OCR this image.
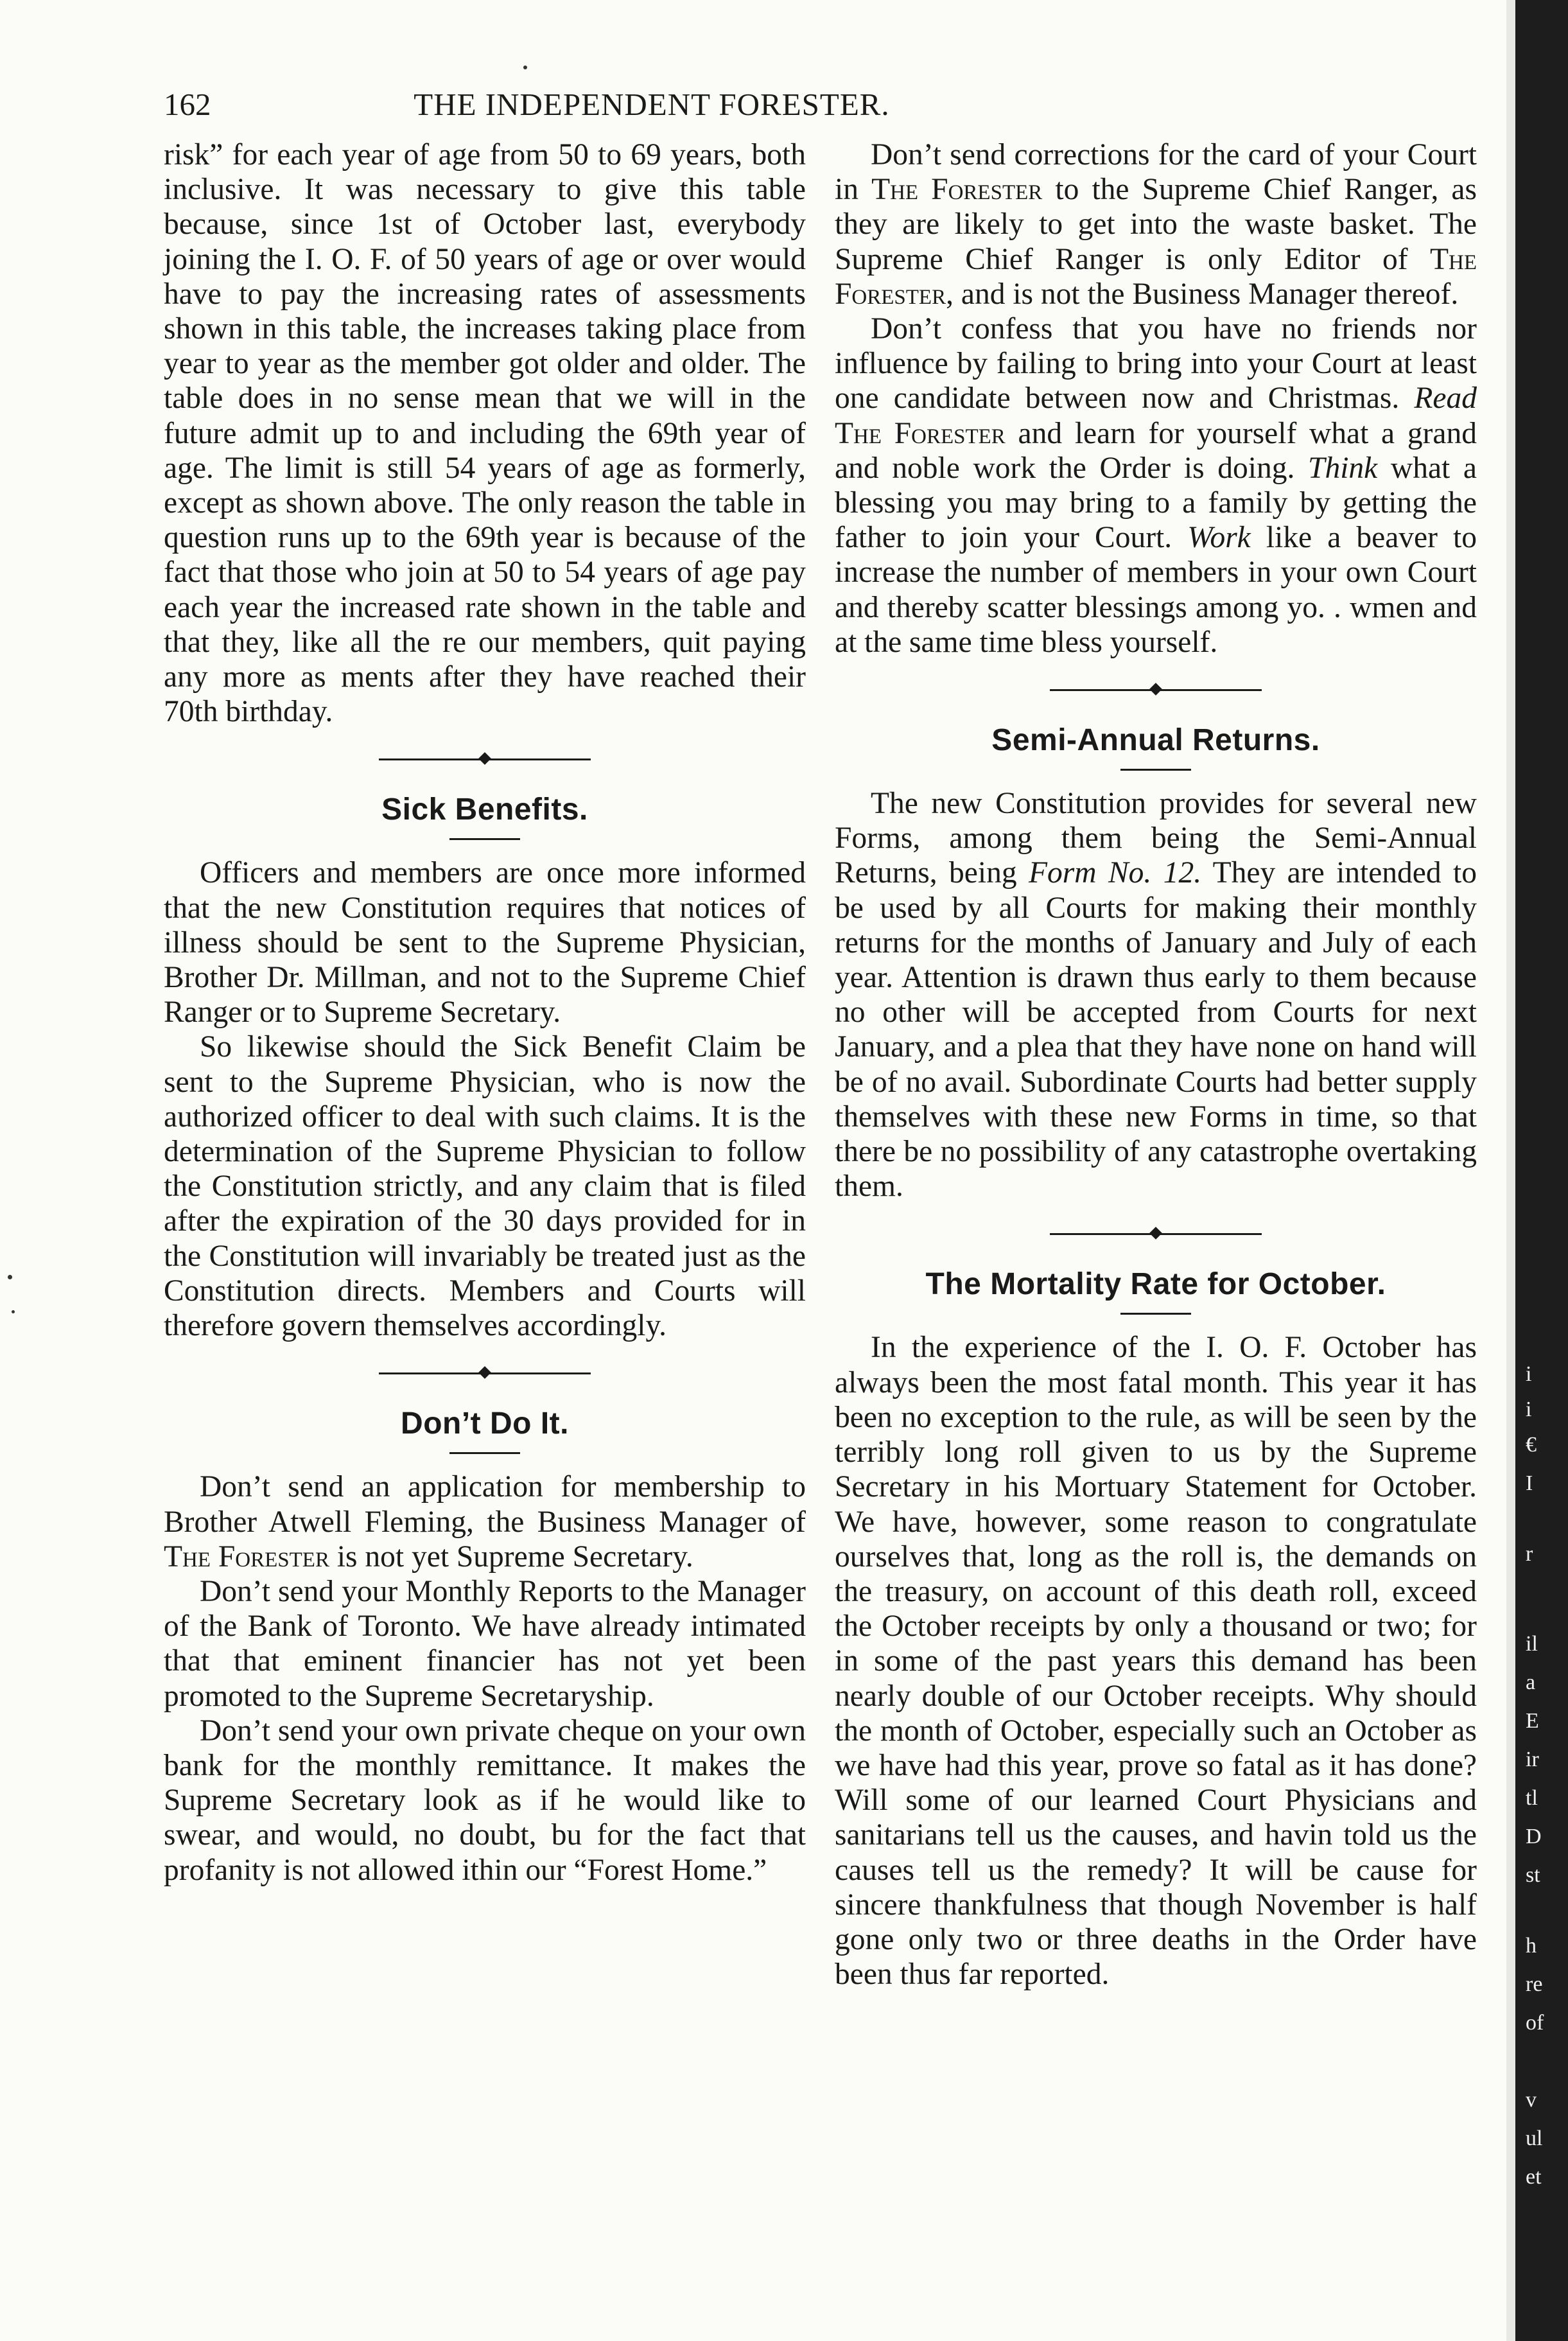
162	THE INDEPENDENT FORESTER.

risk” for each year of age from 50 to 69 years, both inclusive. It was necessary to give this table because, since 1st of October last, everybody joining the I. O. F. of 50 years of age or over would have to pay the increasing rates of assessments shown in this table, the increases taking place from year to year as the member got older and older. The table does in no sense mean that we will in the future admit up to and including the 69th year of age. The limit is still 54 years of age as formerly, except as shown above. The only reason the table in question runs up to the 69th year is because of the fact that those who join at 50 to 54 years of age pay each year the increased rate shown in the table and that they, like all the re our members, quit paying any more as ments after they have reached their 70th birthday.

Sick Benefits.

Officers and members are once more informed that the new Constitution requires that notices of illness should be sent to the Supreme Physician, Brother Dr. Millman, and not to the Supreme Chief Ranger or to Supreme Secretary.

So likewise should the Sick Benefit Claim be sent to the Supreme Physician, who is now the authorized officer to deal with such claims. It is the determination of the Supreme Physician to follow the Constitution strictly, and any claim that is filed after the expiration of the 30 days provided for in the Constitution will invariably be treated just as the Constitution directs. Members and Courts will therefore govern themselves accordingly.

Don’t Do It.

Don’t send an application for membership to Brother Atwell Fleming, the Business Manager of The Forester is not yet Supreme Secretary.

Don’t send your Monthly Reports to the Manager of the Bank of Toronto. We have already intimated that that eminent financier has not yet been promoted to the Supreme Secretaryship.

Don’t send your own private cheque on your own bank for the monthly remittance. It makes the Supreme Secretary look as if he would like to swear, and would, no doubt, bu for the fact that profanity is not allowed ithin our “Forest Home.”

Don’t send corrections for the card of your Court in The Forester to the Supreme Chief Ranger, as they are likely to get into the waste basket. The Supreme Chief Ranger is only Editor of The Forester, and is not the Business Manager thereof.

Don’t confess that you have no friends nor influence by failing to bring into your Court at least one candidate between now and Christmas. Read The Forester and learn for yourself what a grand and noble work the Order is doing. Think what a blessing you may bring to a family by getting the father to join your Court. Work like a beaver to increase the number of members in your own Court and thereby scatter blessings among yo. . wmen and at the same time bless yourself.

Semi-Annual Returns.

The new Constitution provides for several new Forms, among them being the Semi-Annual Returns, being Form No. 12. They are intended to be used by all Courts for making their monthly returns for the months of January and July of each year. Attention is drawn thus early to them because no other will be accepted from Courts for next January, and a plea that they have none on hand will be of no avail. Subordinate Courts had better supply themselves with these new Forms in time, so that there be no possibility of any catastrophe overtaking them.

The Mortality Rate for October.

In the experience of the I. O. F. October has always been the most fatal month. This year it has been no exception to the rule, as will be seen by the terribly long roll given to us by the Supreme Secretary in his Mortuary Statement for October. We have, however, some reason to congratulate ourselves that, long as the roll is, the demands on the treasury, on account of this death roll, exceed the October receipts by only a thousand or two; for in some of the past years this demand has been nearly double of our October receipts. Why should the month of October, especially such an October as we have had this year, prove so fatal as it has done? Will some of our learned Court Physicians and sanitarians tell us the causes, and havin told us the causes tell us the remedy? It will be cause for sincere thankfulness that though November is half gone only two or three deaths in the Order have been thus far reported.

i
i
€
I
r
il
a
E
ir
tl
D
st
h
re
of
v
ul
et
